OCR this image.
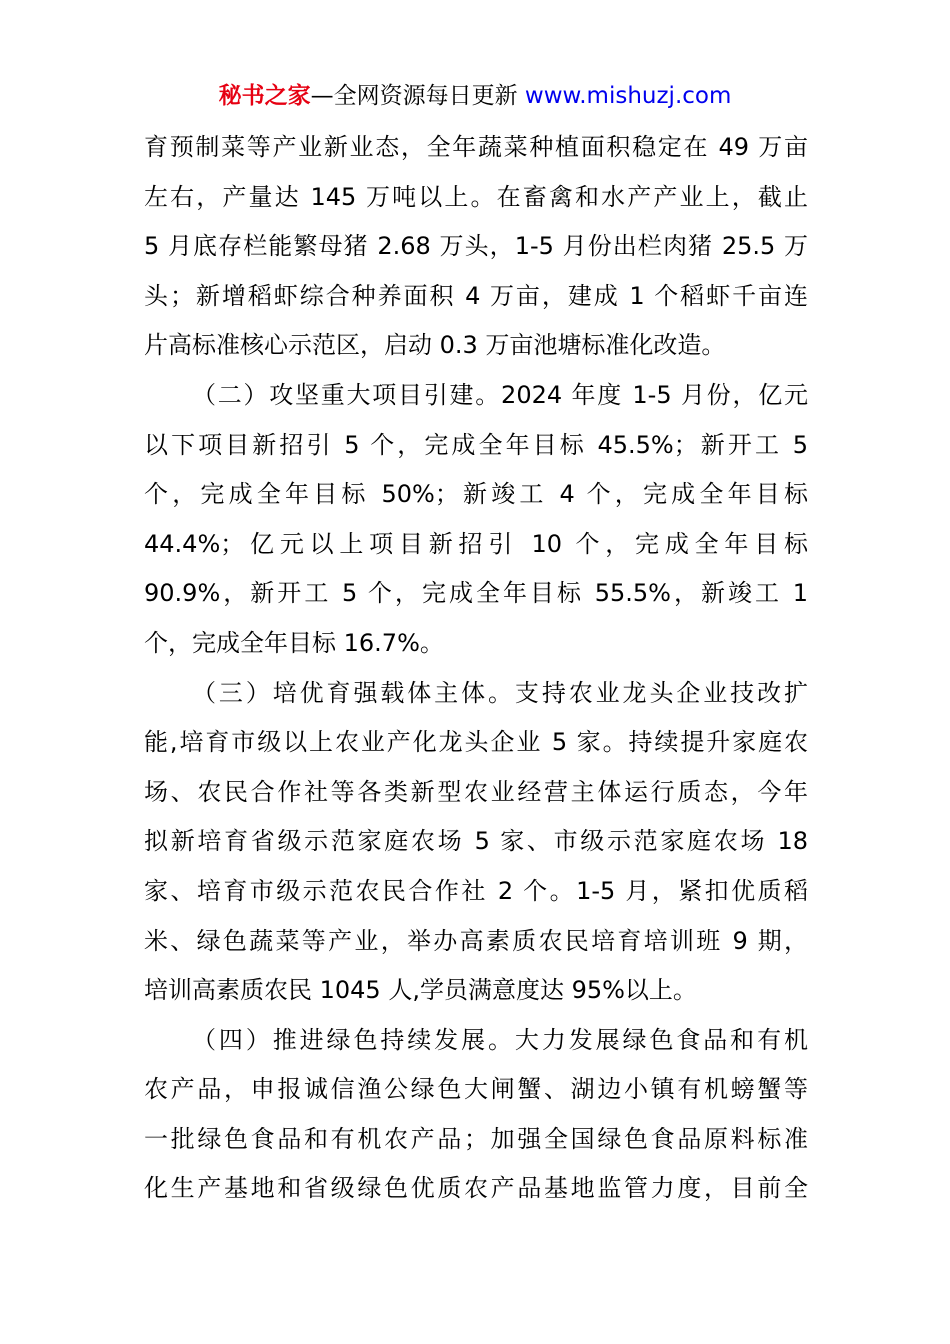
秘书之家—全网资源每日更新 www.mishuzj.com
育预制菜等产业新业态，全年蔬菜种植面积稳定在 49 万亩
左右，产量达 145 万吨以上。在畜禽和水产产业上，截止
5 月底存栏能繁母猪 2.68 万头，1-5 月份出栏肉猪 25.5 万
头；新增稻虾综合种养面积 4 万亩，建成 1 个稻虾千亩连
片高标准核心示范区，启动 0.3 万亩池塘标准化改造。
（二）攻坚重大项目引建。2024 年度 1-5 月份，亿元
以下项目新招引 5 个，完成全年目标 45.5%；新开工 5
个，完成全年目标 50%；新竣工 4 个，完成全年目标
44.4%；亿元以上项目新招引 10 个，完成全年目标
90.9%，新开工 5 个，完成全年目标 55.5%，新竣工 1
个，完成全年目标 16.7%。
（三）培优育强载体主体。支持农业龙头企业技改扩
能,培育市级以上农业产化龙头企业 5 家。持续提升家庭农
场、农民合作社等各类新型农业经营主体运行质态，今年
拟新培育省级示范家庭农场 5 家、市级示范家庭农场 18
家、培育市级示范农民合作社 2 个。1-5 月，紧扣优质稻
米、绿色蔬菜等产业，举办高素质农民培育培训班 9 期，
培训高素质农民 1045 人,学员满意度达 95%以上。
（四）推进绿色持续发展。大力发展绿色食品和有机
农产品，申报诚信渔公绿色大闸蟹、湖边小镇有机螃蟹等
一批绿色食品和有机农产品；加强全国绿色食品原料标准
化生产基地和省级绿色优质农产品基地监管力度，目前全
